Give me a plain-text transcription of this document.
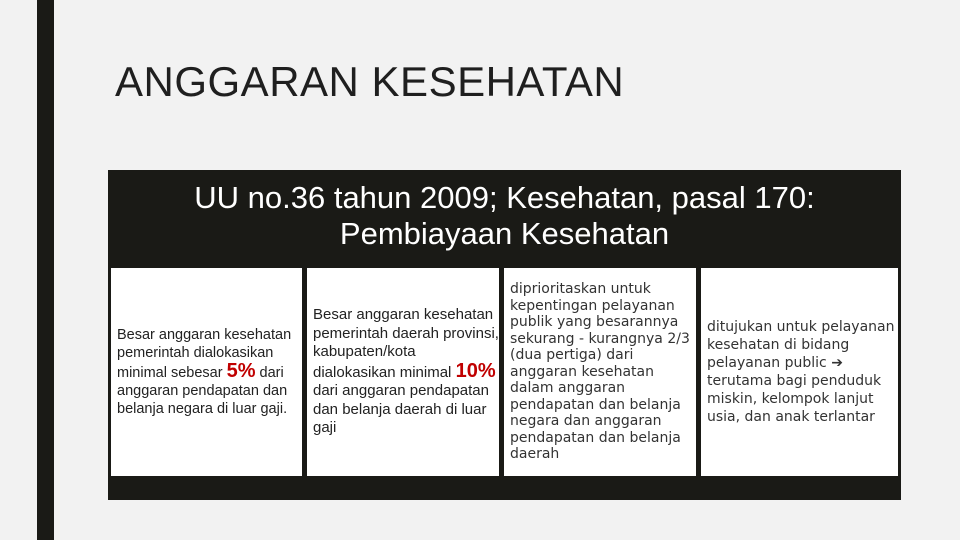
ANGGARAN KESEHATAN
UU no.36 tahun 2009; Kesehatan, pasal 170:
Pembiayaan Kesehatan
Besar anggaran kesehatan pemerintah dialokasikan minimal sebesar 5% dari anggaran pendapatan dan belanja negara di luar gaji.
Besar anggaran kesehatan pemerintah daerah provinsi, kabupaten/kota dialokasikan minimal 10% dari anggaran pendapatan dan belanja daerah di luar gaji
diprioritaskan untuk kepentingan pelayanan publik yang besarannya sekurang - kurangnya 2/3 (dua pertiga) dari anggaran kesehatan dalam anggaran pendapatan dan belanja negara dan anggaran pendapatan dan belanja daerah
ditujukan untuk pelayanan kesehatan di bidang pelayanan public ➔ terutama bagi penduduk miskin, kelompok lanjut usia, dan anak terlantar
